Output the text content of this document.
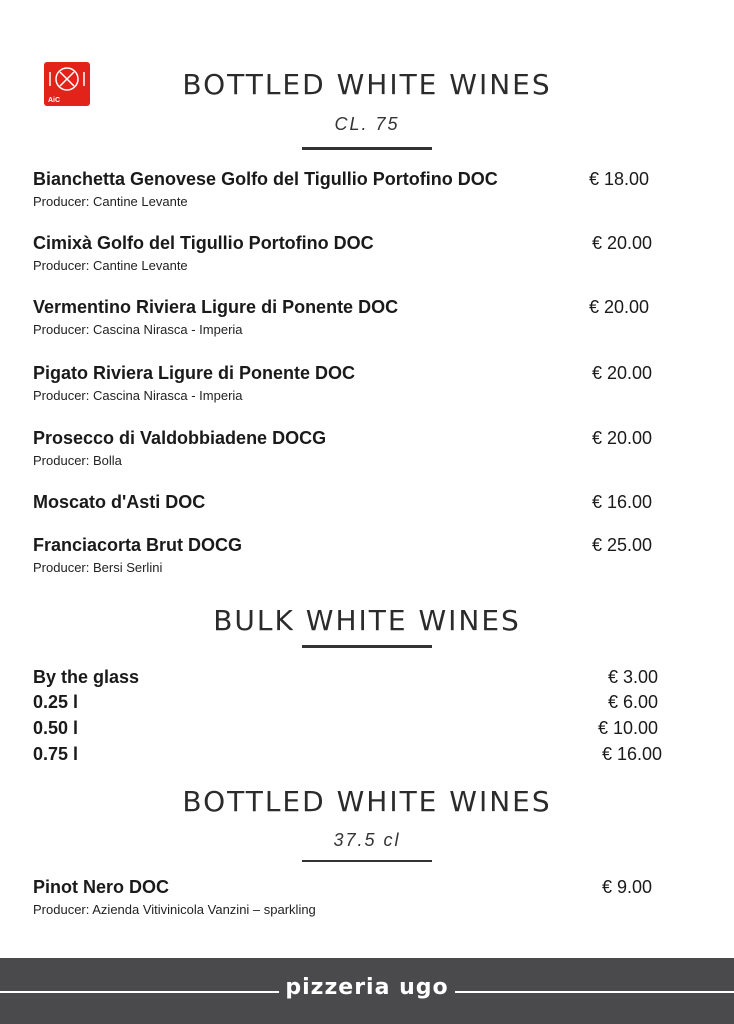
AiC	BOTTLED WHITE WINES
CL. 75
Bianchetta Genovese Golfo del Tigullio Portofino DOC	€ 18.00
Producer: Cantine Levante
Cimixà Golfo del Tigullio Portofino DOC	€ 20.00
Producer: Cantine Levante
Vermentino Riviera Ligure di Ponente DOC	€ 20.00
Producer: Cascina Nirasca - Imperia
Pigato Riviera Ligure di Ponente DOC	€ 20.00
Producer: Cascina Nirasca - Imperia
Prosecco di Valdobbiadene DOCG	€ 20.00
Producer: Bolla
Moscato d'Asti DOC	€ 16.00
Franciacorta Brut DOCG	€ 25.00
Producer: Bersi Serlini
BULK WHITE WINES
By the glass	€ 3.00
0.25 l	€ 6.00
0.50 l	€ 10.00
0.75 l	€ 16.00
BOTTLED WHITE WINES
37.5 cl
Pinot Nero DOC	€ 9.00
Producer: Azienda Vitivinicola Vanzini – sparkling
pizzeria ugo
